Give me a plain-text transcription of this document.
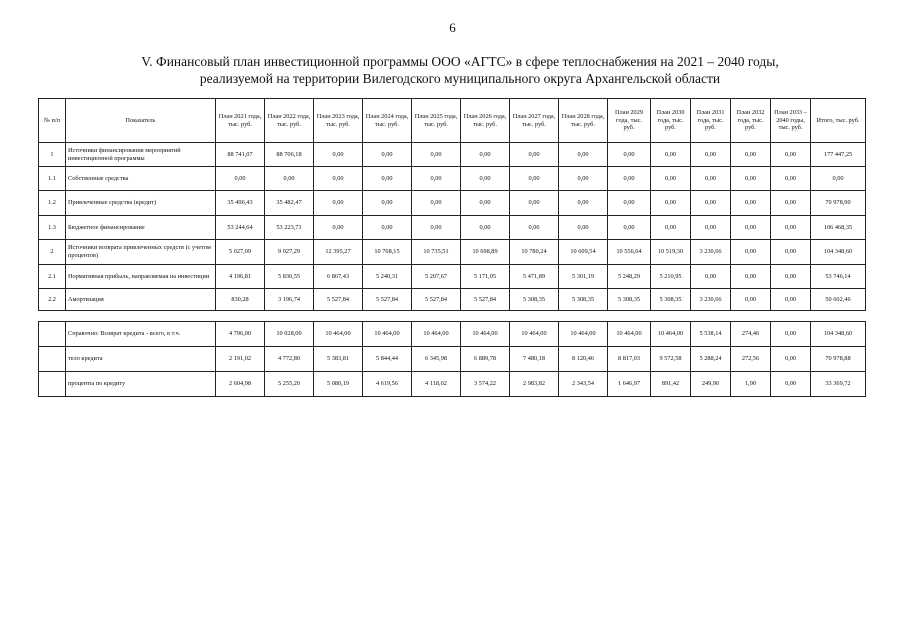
6
V. Финансовый план инвестиционной программы ООО «АГТС» в сфере теплоснабжения на 2021 – 2040 годы,
реализуемой на территории Вилегодского муниципального округа Архангельской области
№ п/п	Показатель	План 2021 года, тыс. руб.	План 2022 года, тыс. руб.	План 2023 года, тыс. руб.	План 2024 года, тыс. руб.	План 2025 года, тыс. руб.	План 2026 года, тыс. руб.	План 2027 года, тыс. руб.	План 2028 года, тыс. руб.	План 2029 года, тыс. руб.	План 2030 года, тыс. руб.	План 2031 года, тыс. руб.	План 2032 года, тыс. руб.	План 2033 – 2040 годы, тыс. руб.	Итого, тыс. руб.
1	Источники финансирования мероприятий инвестиционной программы	88 741,07	88 706,18	0,00	0,00	0,00	0,00	0,00	0,00	0,00	0,00	0,00	0,00	0,00	177 447,25
1.1	Собственные средства	0,00	0,00	0,00	0,00	0,00	0,00	0,00	0,00	0,00	0,00	0,00	0,00	0,00	0,00
1.2	Привлеченные средства (кредит)	35 496,43	35 482,47	0,00	0,00	0,00	0,00	0,00	0,00	0,00	0,00	0,00	0,00	0,00	70 978,90
1.3	Бюджетное финансирование	53 244,64	53 223,71	0,00	0,00	0,00	0,00	0,00	0,00	0,00	0,00	0,00	0,00	0,00	106 468,35
2	Источники возврата привлеченных средств (с учетом процентов)	5 027,09	9 027,29	12 395,27	10 768,15	10 735,51	10 698,89	10 780,24	10 609,54	10 556,64	10 519,30	3 230,66	0,00	0,00	104 348,60
2.1	Нормативная прибыль, направляемая на инвестиции	4 196,81	5 830,55	6 867,43	5 240,31	5 207,67	5 171,05	5 471,89	5 301,19	5 248,29	5 210,95	0,00	0,00	0,00	53 746,14
2.2	Амортизация	830,28	3 196,74	5 527,84	5 527,84	5 527,84	5 527,84	5 308,35	5 308,35	5 308,35	5 308,35	3 230,66	0,00	0,00	50 602,46
	Справочно: Возврат кредита - всего, в т.ч.	4 796,00	10 028,00	10 464,00	10 464,00	10 464,00	10 464,00	10 464,00	10 464,00	10 464,00	10 464,00	5 538,14	274,46	0,00	104 348,60
	тело кредита	2 191,02	4 772,80	5 383,81	5 844,44	6 345,98	6 889,78	7 480,18	8 120,46	8 817,03	9 572,58	5 288,24	272,56	0,00	70 978,88
	проценты по кредиту	2 604,98	5 255,20	5 080,19	4 619,56	4 118,02	3 574,22	2 983,82	2 343,54	1 646,97	891,42	249,90	1,90	0,00	33 369,72
